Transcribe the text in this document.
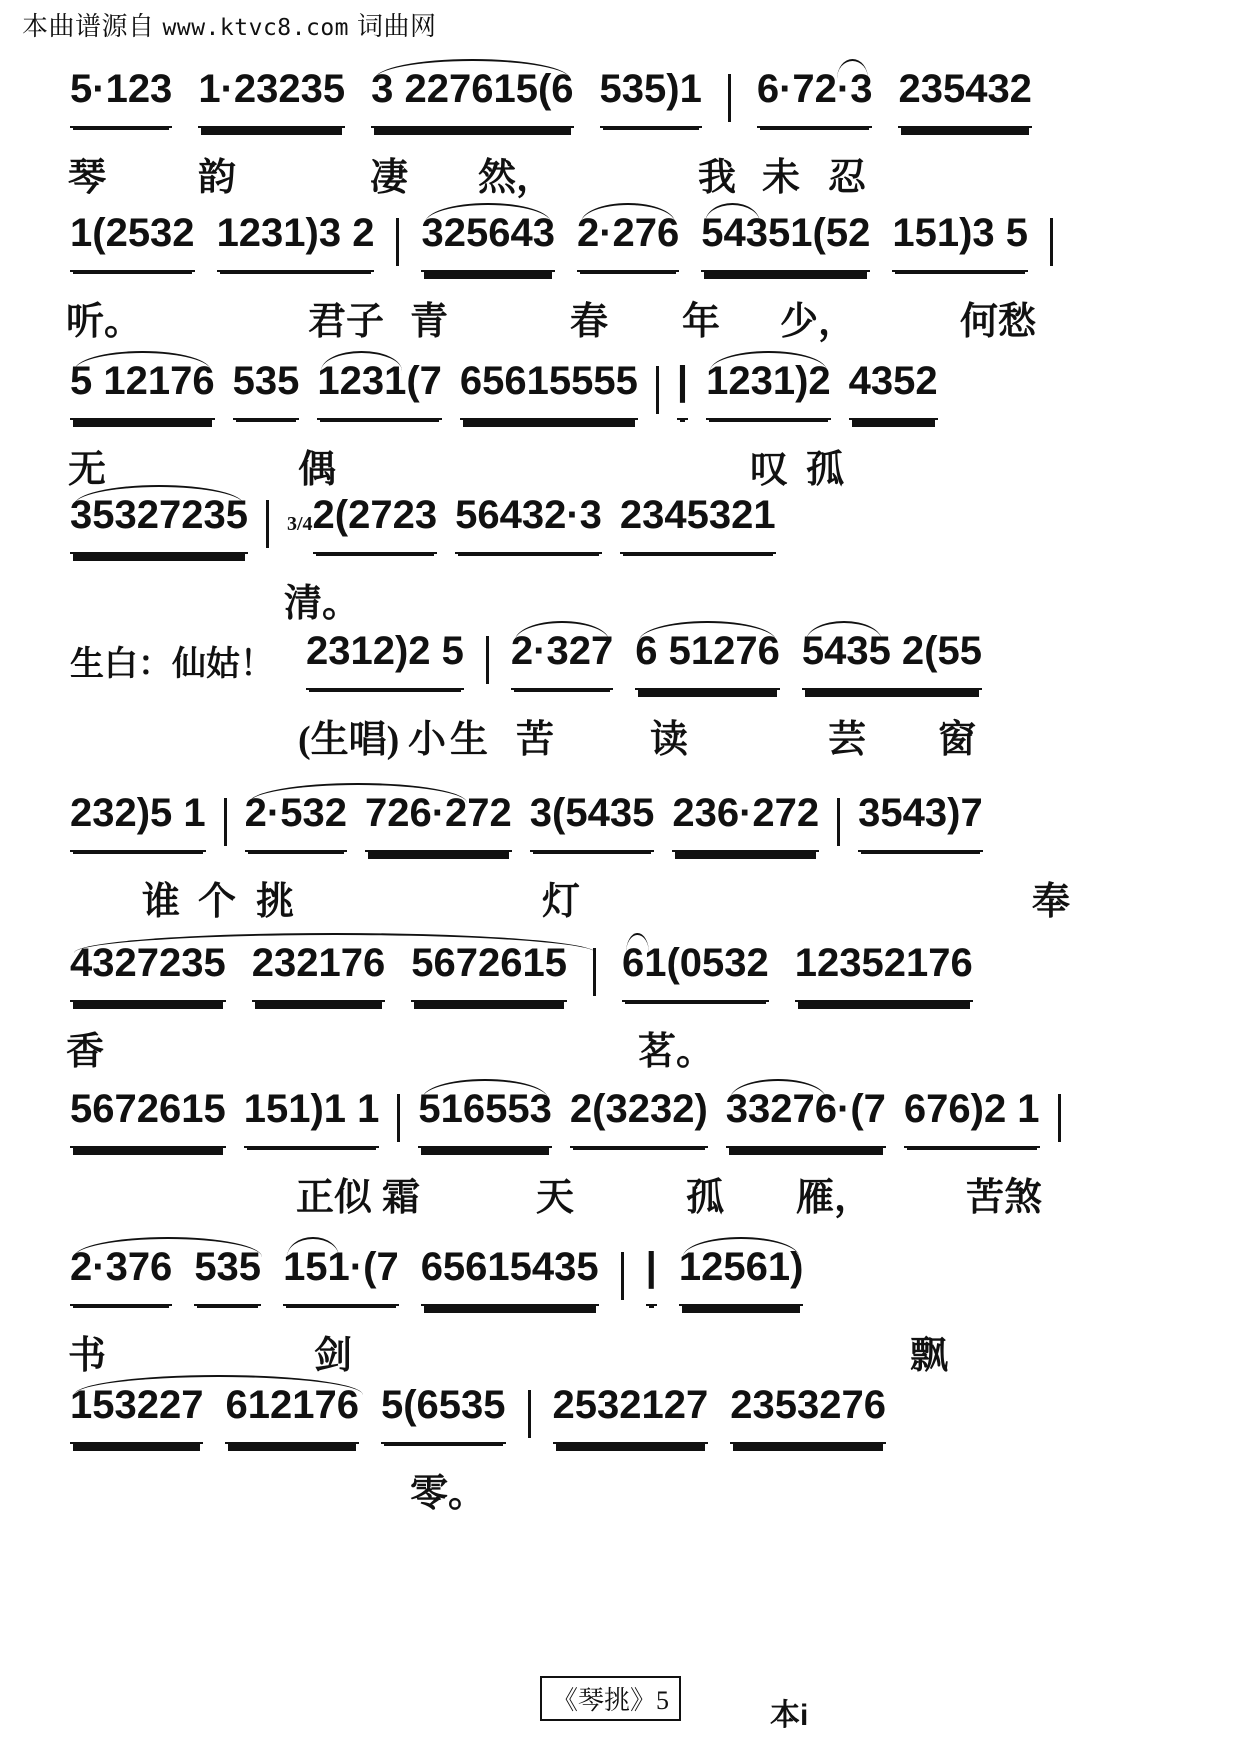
本曲谱源自 www.ktvc8.com 词曲网
5·123 1·23235 3 227615(6 535)1 6·72·3 235432

琴

韵

	凄

然，

	我

未

忍

1(2532 1231)3 2 325643 2·276 54351(52 151)3 5

听。

	君子

青

	春

年

少，

	何愁

5 12176 535 1231(7 65615555 | 1231)2 4352

无

	偶

	叹

孤

35327235 3/4 2(2723 56432·3 2345321

清。

生白：仙姑！ 2312)2 5 2·327 6 51276 5435 2(55

(生唱)

小

生

苦

	读

	芸

窗

232)5 1 2·532 726·272 3(5435 236·272 3543)7

谁

个

挑

	灯

	奉

4327235 232176 5672615 61(0532 12352176

香

	茗。

5672615 151)1 1 516553 2(3232) 33276·(7 676)2 1

正似

霜

	天

	孤

雁，

苦煞

2·376 535 151·(7 65615435 | 12561)

书

	剑

	飘

153227 612176 5(6535 2532127 2353276

零。

《琴挑》5	本i
